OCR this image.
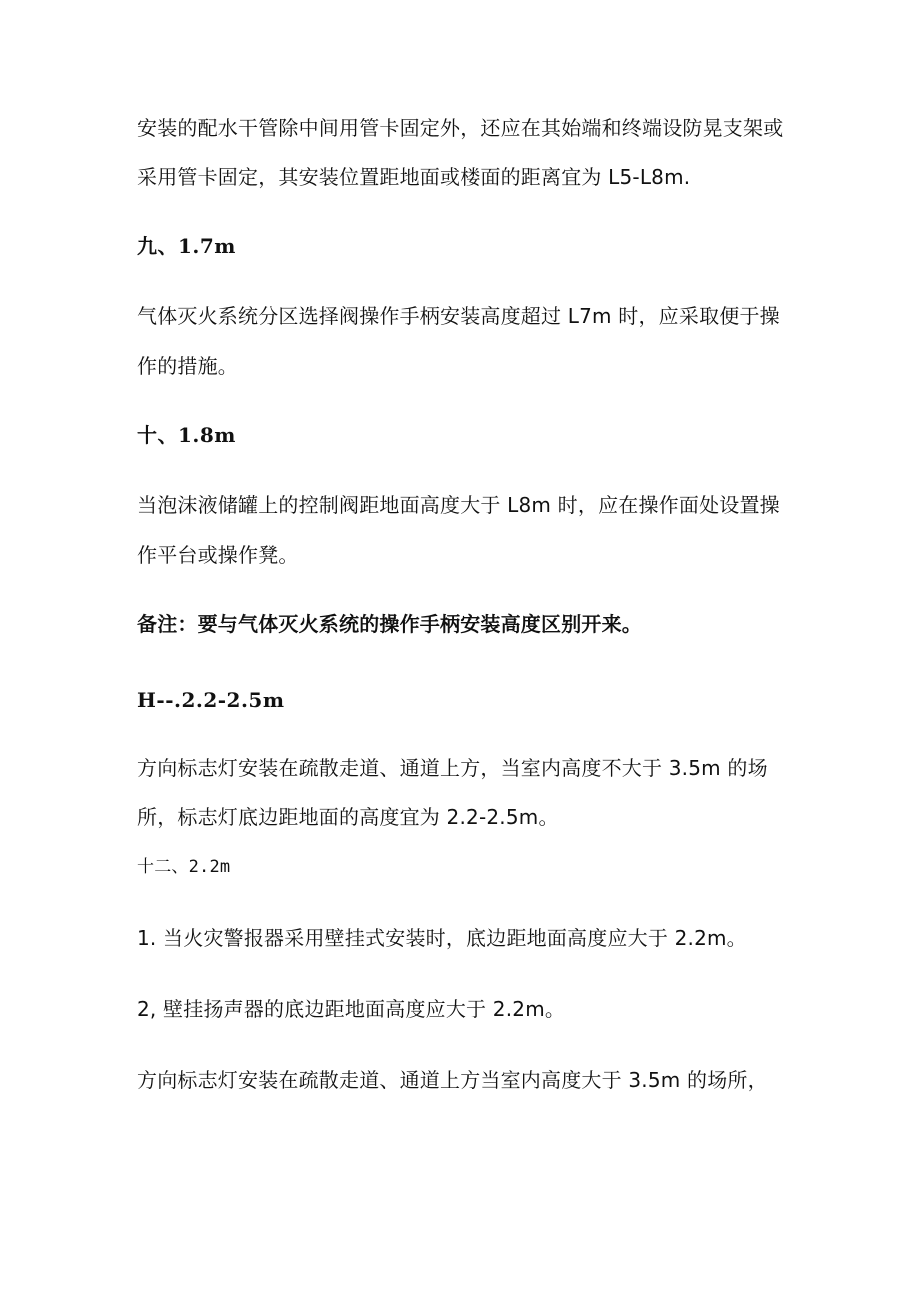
安装的配水干管除中间用管卡固定外，还应在其始端和终端设防晃支架或
采用管卡固定，其安装位置距地面或楼面的距离宜为 L5-L8m.
九、1.7m
气体灭火系统分区选择阀操作手柄安装高度超过 L7m 时，应采取便于操
作的措施。
十、1.8m
当泡沫液储罐上的控制阀距地面高度大于 L8m 时，应在操作面处设置操
作平台或操作凳。
备注：要与气体灭火系统的操作手柄安装高度区别开来。
H--.2.2-2.5m
方向标志灯安装在疏散走道、通道上方，当室内高度不大于 3.5m 的场
所，标志灯底边距地面的高度宜为 2.2-2.5m。
十二、2.2m
1. 当火灾警报器采用壁挂式安装时，底边距地面高度应大于 2.2m。
2, 壁挂扬声器的底边距地面高度应大于 2.2m。
方向标志灯安装在疏散走道、通道上方当室内高度大于 3.5m 的场所，
